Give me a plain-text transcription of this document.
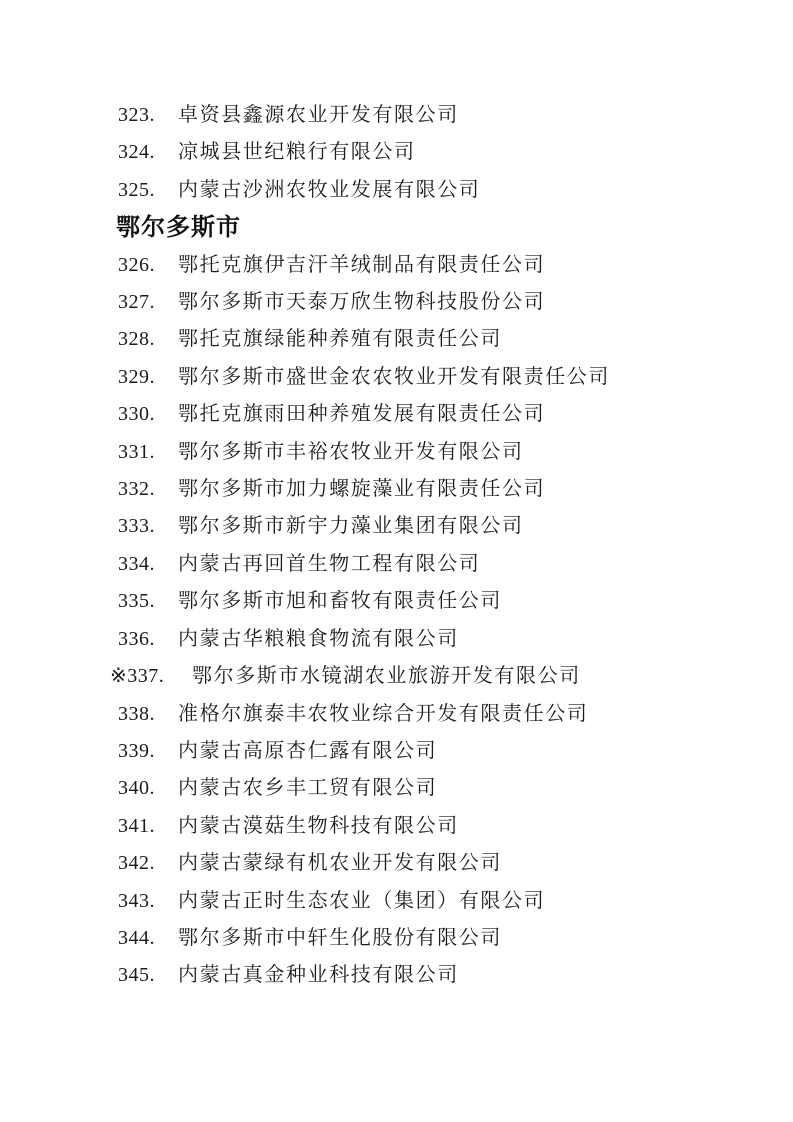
323. 卓资县鑫源农业开发有限公司
324. 凉城县世纪粮行有限公司
325. 内蒙古沙洲农牧业发展有限公司
鄂尔多斯市
326. 鄂托克旗伊吉汗羊绒制品有限责任公司
327. 鄂尔多斯市天泰万欣生物科技股份公司
328. 鄂托克旗绿能种养殖有限责任公司
329. 鄂尔多斯市盛世金农农牧业开发有限责任公司
330. 鄂托克旗雨田种养殖发展有限责任公司
331. 鄂尔多斯市丰裕农牧业开发有限公司
332. 鄂尔多斯市加力螺旋藻业有限责任公司
333. 鄂尔多斯市新宇力藻业集团有限公司
334. 内蒙古再回首生物工程有限公司
335. 鄂尔多斯市旭和畜牧有限责任公司
336. 内蒙古华粮粮食物流有限公司
※337. 鄂尔多斯市水镜湖农业旅游开发有限公司
338. 准格尔旗泰丰农牧业综合开发有限责任公司
339. 内蒙古高原杏仁露有限公司
340. 内蒙古农乡丰工贸有限公司
341. 内蒙古漠菇生物科技有限公司
342. 内蒙古蒙绿有机农业开发有限公司
343. 内蒙古正时生态农业（集团）有限公司
344. 鄂尔多斯市中轩生化股份有限公司
345. 内蒙古真金种业科技有限公司
